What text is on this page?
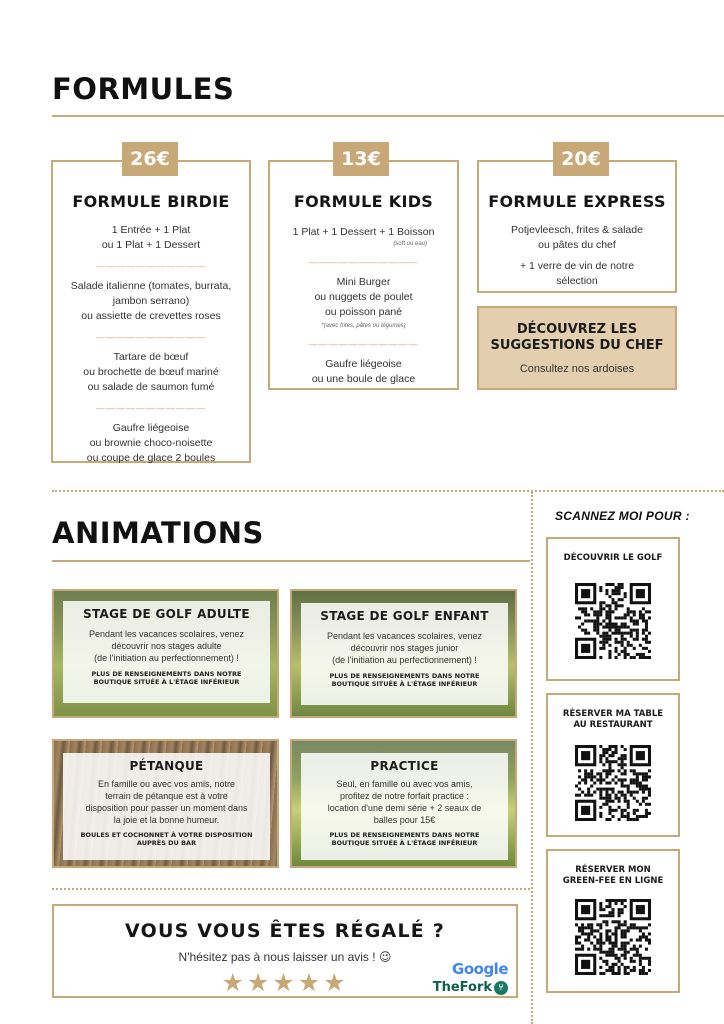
FORMULES
FORMULE BIRDIE
1 Entrée + 1 Plat
ou 1 Plat + 1 Dessert
———————————
Salade italienne (tomates, burrata,
jambon serrano)
ou assiette de crevettes roses
———————————
Tartare de bœuf
ou brochette de bœuf mariné
ou salade de saumon fumé
———————————
Gaufre liégeoise
ou brownie choco-noisette
ou coupe de glace 2 boules
26€
FORMULE KIDS
1 Plat + 1 Dessert + 1 Boisson
(soft ou eau)
———————————
Mini Burger
ou nuggets de poulet
ou poisson pané
*(avec frites, pâtes ou légumes)
———————————
Gaufre liégeoise
ou une boule de glace
13€
FORMULE EXPRESS
Potjevleesch, frites & salade
ou pâtes du chef
+ 1 verre de vin de notre
sélection
20€
DÉCOUVREZ LES
SUGGESTIONS DU CHEF
Consultez nos ardoises
ANIMATIONS
STAGE DE GOLF ADULTE
Pendant les vacances scolaires, venez
découvrir nos stages adulte
(de l'initiation au perfectionnement) !
PLUS DE RENSEIGNEMENTS DANS NOTRE
BOUTIQUE SITUÉE À L'ÉTAGE INFÉRIEUR
STAGE DE GOLF ENFANT
Pendant les vacances scolaires, venez
découvrir nos stages junior
(de l'initiation au perfectionnement) !
PLUS DE RENSEIGNEMENTS DANS NOTRE
BOUTIQUE SITUÉE À L'ÉTAGE INFÉRIEUR
PÉTANQUE
En famille ou avec vos amis, notre
terrain de pétanque est à votre
disposition pour passer un moment dans
la joie et la bonne humeur.
BOULES ET COCHONNET À VOTRE DISPOSITION
AUPRÈS DU BAR
PRACTICE
Seul, en famille ou avec vos amis,
profitez de notre forfait practice :
location d'une demi série + 2 seaux de
balles pour 15€
PLUS DE RENSEIGNEMENTS DANS NOTRE
BOUTIQUE SITUÉE À L'ÉTAGE INFÉRIEUR
VOUS VOUS ÊTES RÉGALÉ ?
N'hésitez pas à nous laisser un avis ! 😉
★★★★★	Google
TheFork ⑂
SCANNEZ MOI POUR :
DÉCOUVRIR LE GOLF
RÉSERVER MA TABLE
AU RESTAURANT
RÉSERVER MON
GREEN-FEE EN LIGNE
